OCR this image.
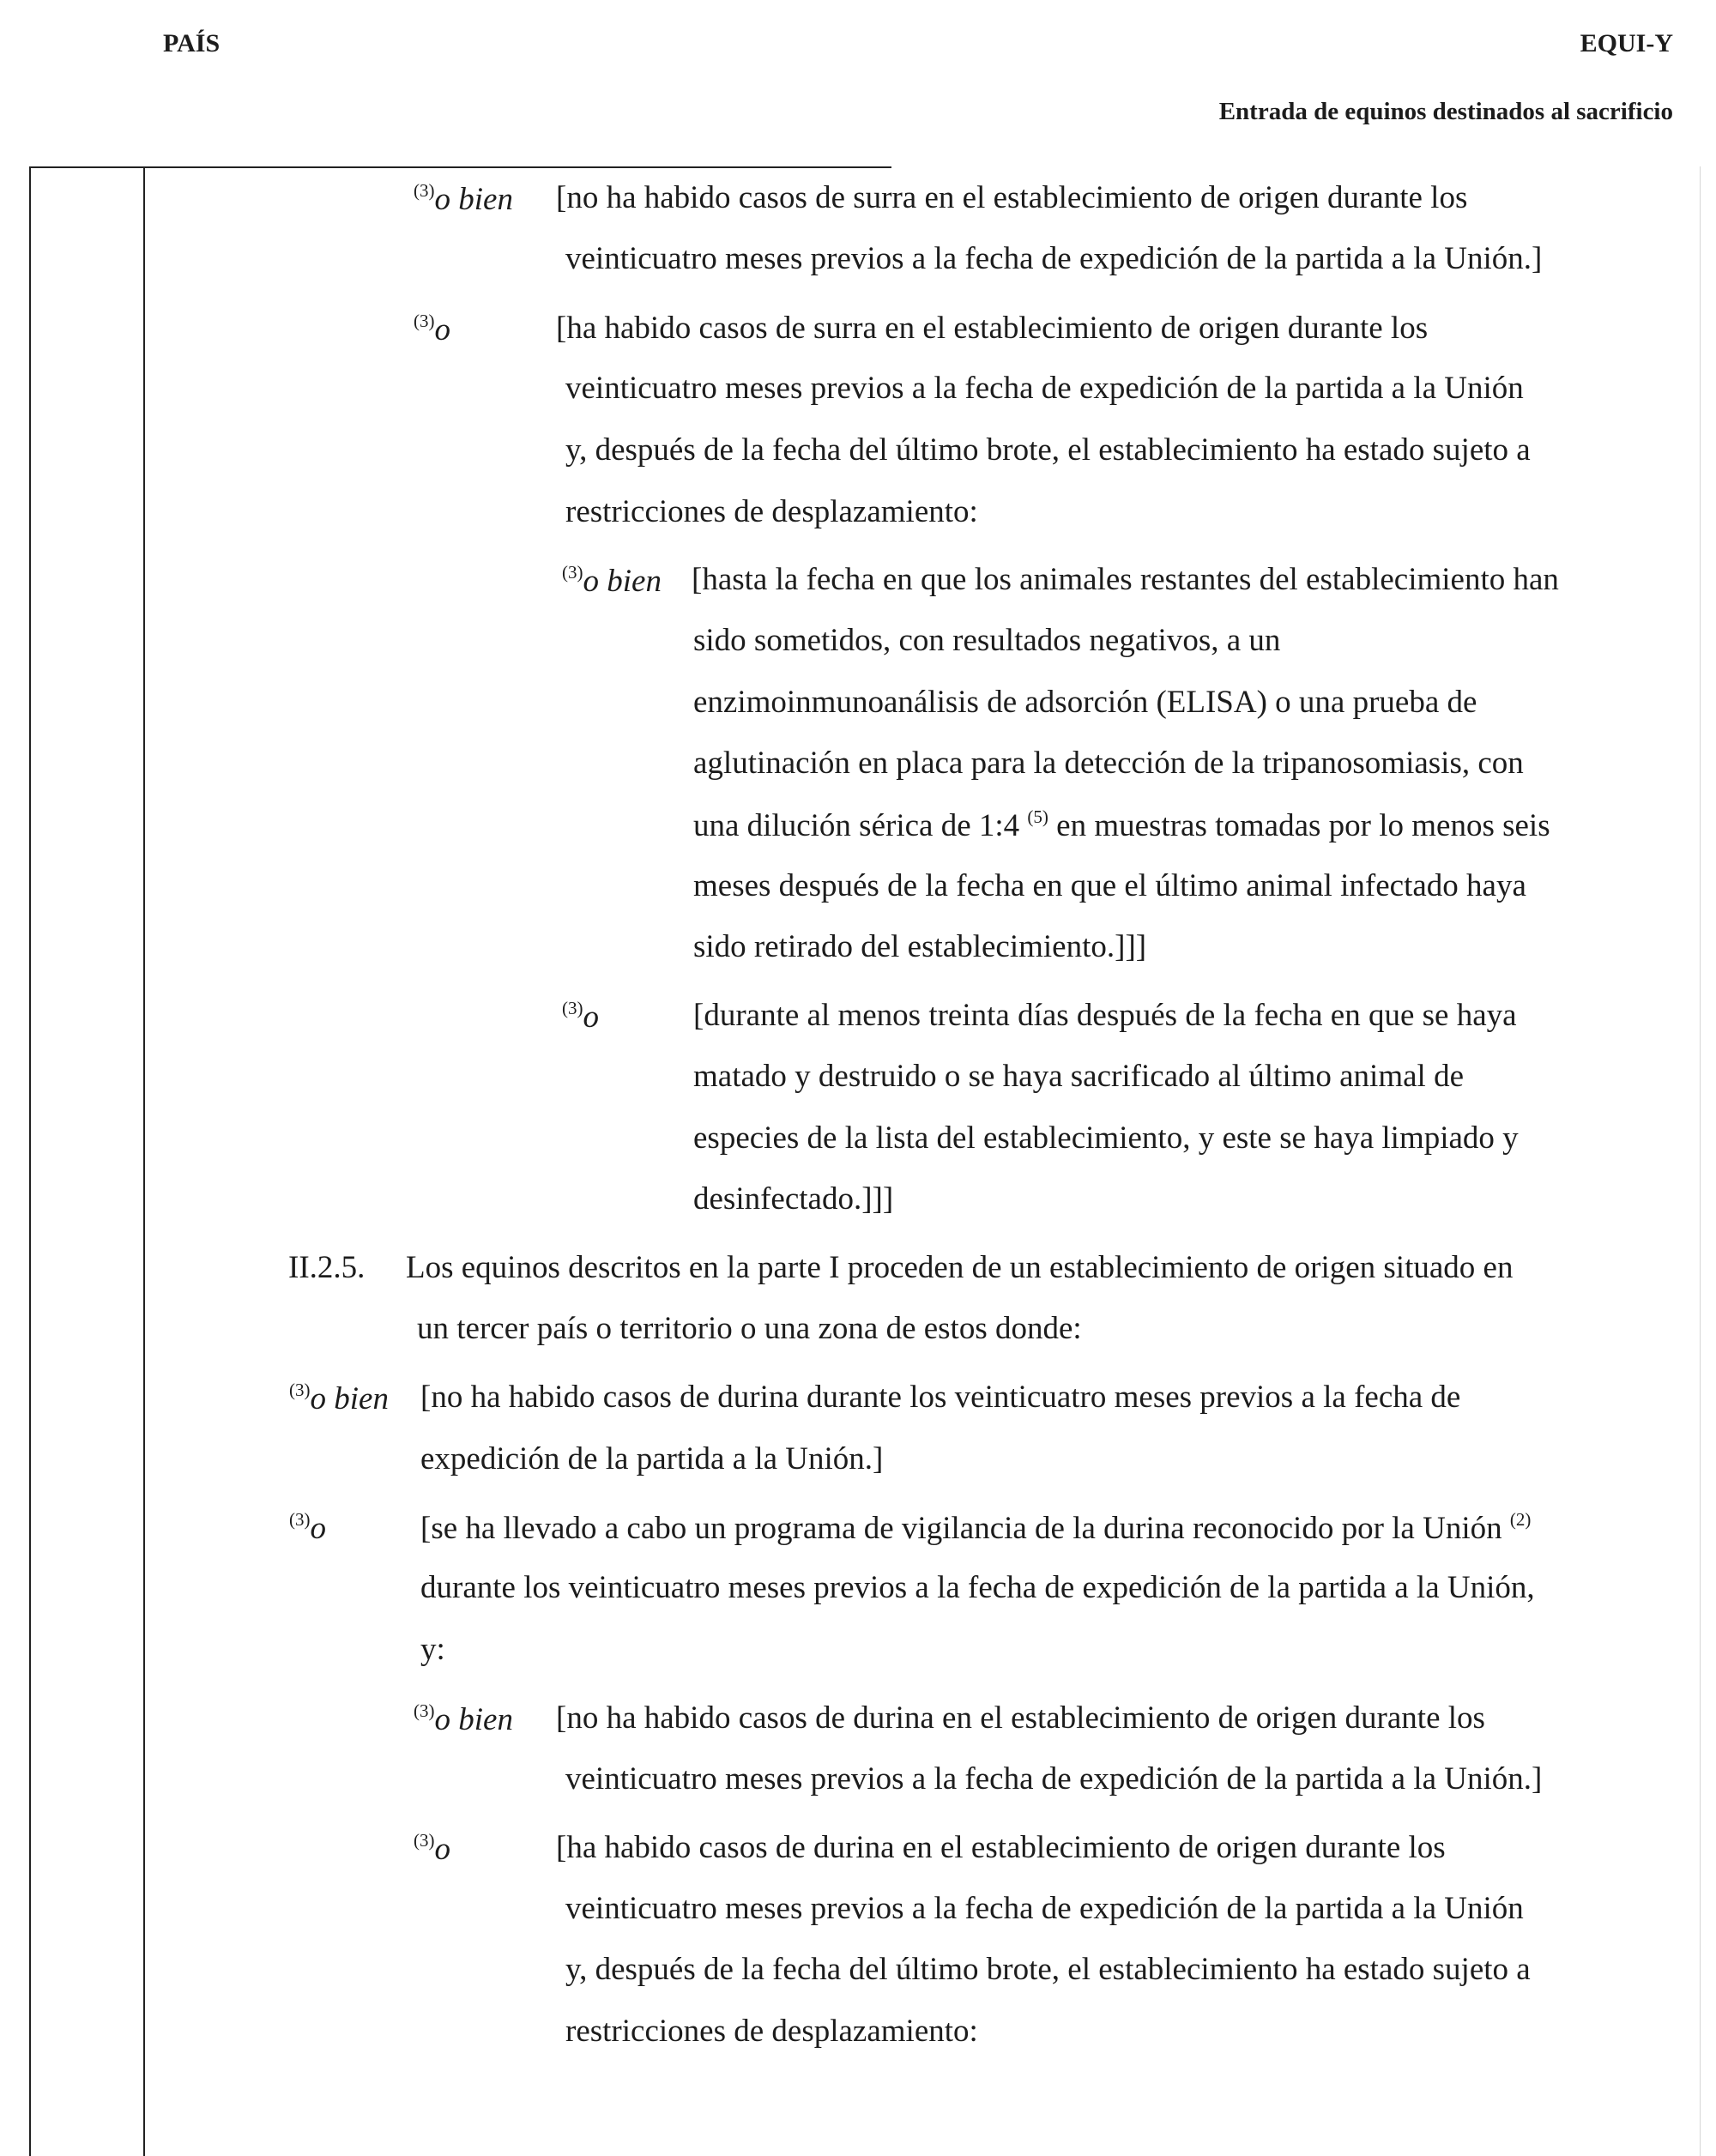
PAÍS	EQUI-Y
Entrada de equinos destinados al sacrificio
$^{(3)}$o bien [no ha habido casos de surra en el establecimiento de origen durante los
veinticuatro meses previos a la fecha de expedición de la partida a la Unión.]
$^{(3)}$o	[ha habido casos de surra en el establecimiento de origen durante los
veinticuatro meses previos a la fecha de expedición de la partida a la Unión
y, después de la fecha del último brote, el establecimiento ha estado sujeto a
restricciones de desplazamiento:
$^{(3)}$o bien [hasta la fecha en que los animales restantes del establecimiento han
sido sometidos, con resultados negativos, a un
enzimoinmunoanálisis de adsorción (ELISA) o una prueba de
aglutinación en placa para la detección de la tripanosomiasis, con
una dilución sérica de 1:4 $^{(5)}$ en muestras tomadas por lo menos seis
meses después de la fecha en que el último animal infectado haya
sido retirado del establecimiento.]]]
$^{(3)}$o	[durante al menos treinta días después de la fecha en que se haya
matado y destruido o se haya sacrificado al último animal de
especies de la lista del establecimiento, y este se haya limpiado y
desinfectado.]]]
II.2.5. Los equinos descritos en la parte I proceden de un establecimiento de origen situado en
un tercer país o territorio o una zona de estos donde:
$^{(3)}$o bien [no ha habido casos de durina durante los veinticuatro meses previos a la fecha de
expedición de la partida a la Unión.]
$^{(3)}$o	[se ha llevado a cabo un programa de vigilancia de la durina reconocido por la Unión $^{(2)}$
durante los veinticuatro meses previos a la fecha de expedición de la partida a la Unión,
y:
$^{(3)}$o bien [no ha habido casos de durina en el establecimiento de origen durante los
veinticuatro meses previos a la fecha de expedición de la partida a la Unión.]
$^{(3)}$o	[ha habido casos de durina en el establecimiento de origen durante los
veinticuatro meses previos a la fecha de expedición de la partida a la Unión
y, después de la fecha del último brote, el establecimiento ha estado sujeto a
restricciones de desplazamiento:
